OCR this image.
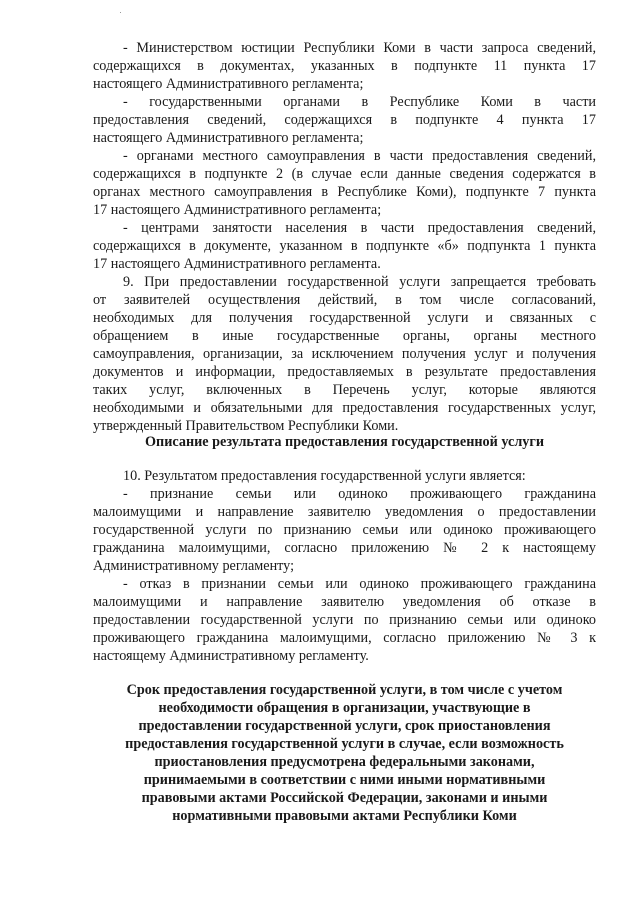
- Министерством юстиции Республики Коми в части запроса сведений,
содержащихся в документах, указанных в подпункте 11 пункта 17
настоящего Административного регламента;
- государственными органами в Республике Коми в части
предоставления сведений, содержащихся в подпункте 4 пункта 17
настоящего Административного регламента;
- органами местного самоуправления в части предоставления сведений,
содержащихся в подпункте 2 (в случае если данные сведения содержатся в
органах местного самоуправления в Республике Коми), подпункте 7 пункта
17 настоящего Административного регламента;
- центрами занятости населения в части предоставления сведений,
содержащихся в документе, указанном в подпункте «б» подпункта 1 пункта
17 настоящего Административного регламента.
9. При предоставлении государственной услуги запрещается требовать
от заявителей осуществления действий, в том числе согласований,
необходимых для получения государственной услуги и связанных с
обращением в иные государственные органы, органы местного
самоуправления, организации, за исключением получения услуг и получения
документов и информации, предоставляемых в результате предоставления
таких услуг, включенных в Перечень услуг, которые являются
необходимыми и обязательными для предоставления государственных услуг,
утвержденный Правительством Республики Коми.
Описание результата предоставления государственной услуги
10. Результатом предоставления государственной услуги является:
- признание семьи или одиноко проживающего гражданина
малоимущими и направление заявителю уведомления о предоставлении
государственной услуги по признанию семьи или одиноко проживающего
гражданина малоимущими, согласно приложению № 2 к настоящему
Административному регламенту;
- отказ в признании семьи или одиноко проживающего гражданина
малоимущими и направление заявителю уведомления об отказе в
предоставлении государственной услуги по признанию семьи или одиноко
проживающего гражданина малоимущими, согласно приложению № 3 к
настоящему Административному регламенту.
Срок предоставления государственной услуги, в том числе с учетом
необходимости обращения в организации, участвующие в
предоставлении государственной услуги, срок приостановления
предоставления государственной услуги в случае, если возможность
приостановления предусмотрена федеральными законами,
принимаемыми в соответствии с ними иными нормативными
правовыми актами Российской Федерации, законами и иными
нормативными правовыми актами Республики Коми
